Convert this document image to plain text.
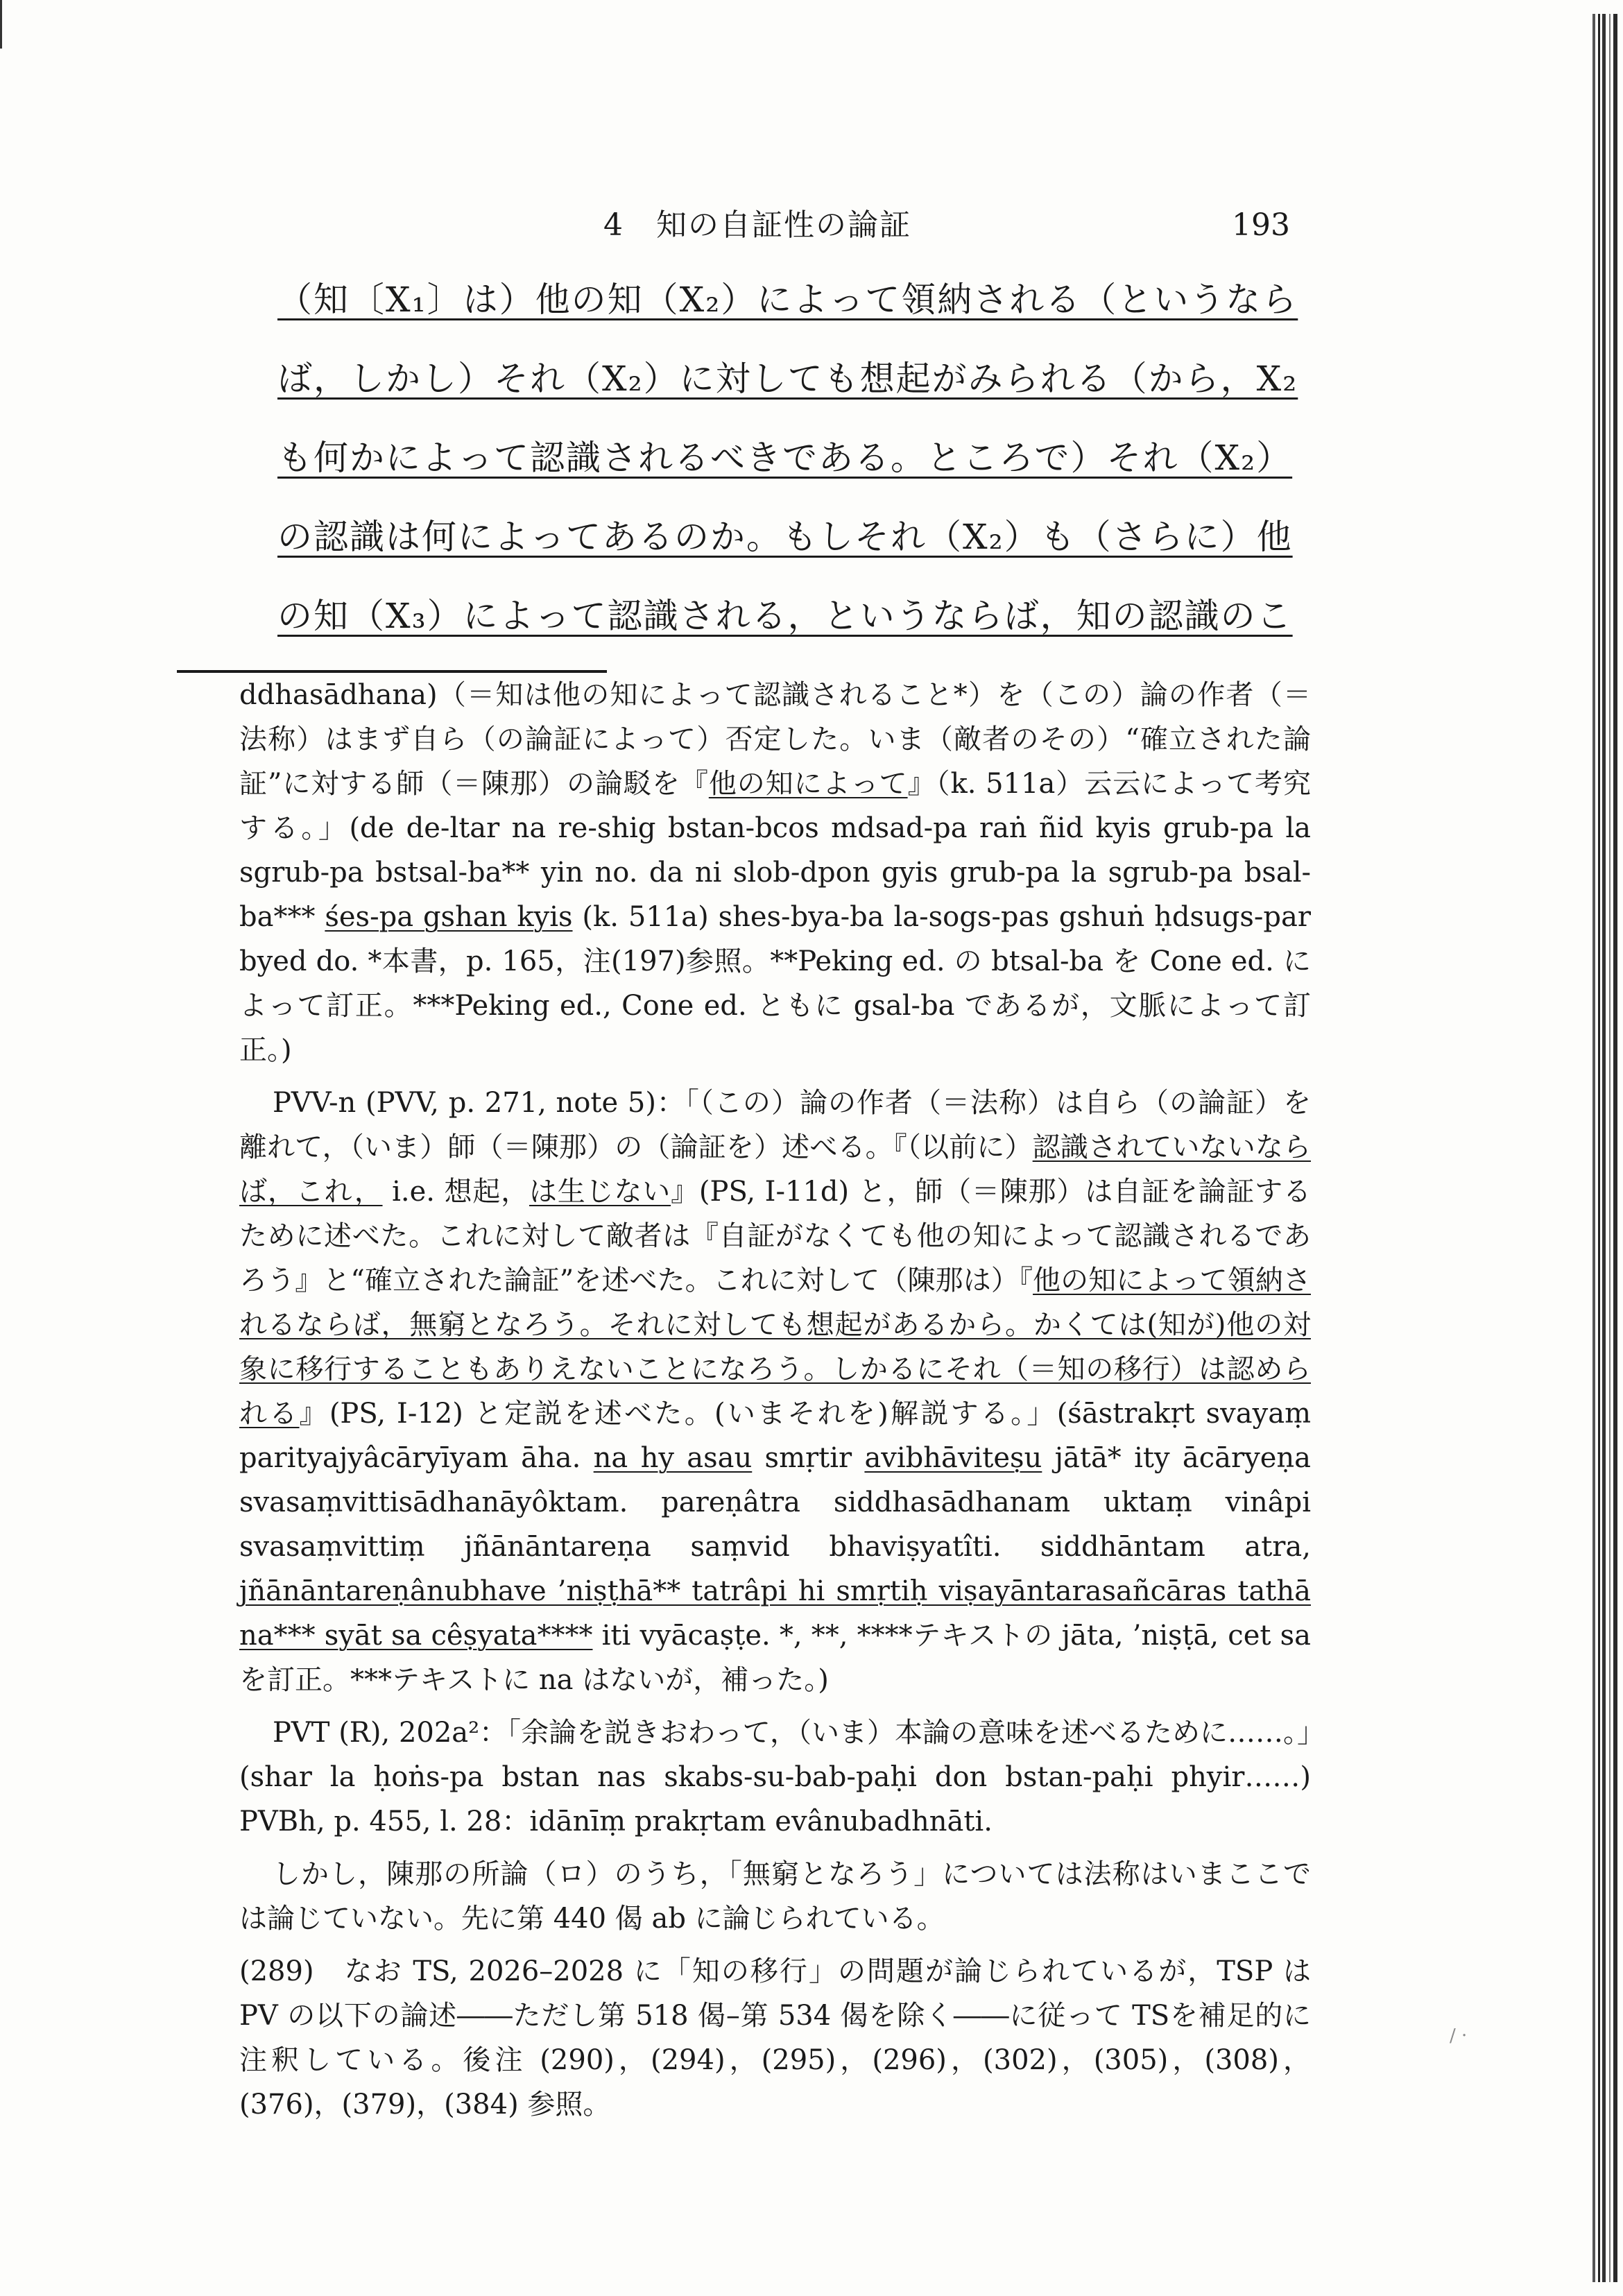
4　知の自証性の論証	193
（知〔X₁〕は）他の知（X₂）によって領納される（というなら
ば，しかし）それ（X₂）に対しても想起がみられる（から，X₂
も何かによって認識されるべきである。ところで）それ（X₂）
の認識は何によってあるのか。もしそれ（X₂）も（さらに）他
の知（X₃）によって認識される，というならば，知の認識のこ

ddhasādhana)（＝知は他の知によって認識されること*）を（この）論の作者（＝法称）はまず自ら（の論証によって）否定した。いま（敵者のその）“確立された論証”に対する師（＝陳那）の論駁を『他の知によって』（k. 511a）云云によって考究する。」(de de-ltar na re-shig bstan-bcos mdsad-pa raṅ ñid kyis grub-pa la sgrub-pa bstsal-ba** yin no. da ni slob-dpon gyis grub-pa la sgrub-pa bsal-ba*** śes-pa gshan kyis (k. 511a) shes-bya-ba la-sogs-pas gshuṅ ḥdsugs-par byed do. *本書，p. 165，注(197)参照。**Peking ed. の btsal-ba を Cone ed. によって訂正。***Peking ed., Cone ed. ともに gsal-ba であるが，文脈によって訂正。)

PVV-n (PVV, p. 271, note 5)：「（この）論の作者（＝法称）は自ら（の論証）を離れて，（いま）師（＝陳那）の（論証を）述べる。『（以前に）認識されていないならば，これ， i.e. 想起，は生じない』(PS, I-11d) と，師（＝陳那）は自証を論証するために述べた。これに対して敵者は『自証がなくても他の知によって認識されるであろう』と“確立された論証”を述べた。これに対して（陳那は）『他の知によって領納されるならば，無窮となろう。それに対しても想起があるから。かくては(知が)他の対象に移行することもありえないことになろう。しかるにそれ（＝知の移行）は認められる』(PS, I-12) と定説を述べた。(いまそれを)解説する。」(śāstrakṛt svayaṃ parityajyâcāryīyam āha. na hy asau smṛtir avibhāviteṣu jātā* ity ācāryeṇa svasaṃvittisādhanāyôktam. pareṇâtra siddhasādhanam uktaṃ vinâpi svasaṃvittiṃ jñānāntareṇa saṃvid bhaviṣyatîti. siddhāntam atra, jñānāntareṇânubhave ’niṣṭhā** tatrâpi hi smṛtiḥ viṣayāntarasañcāras tathā na*** syāt sa cêṣyata**** iti vyācaṣṭe. *, **, ****テキストの jāta, ’niṣṭā, cet sa を訂正。***テキストに na はないが，補った。)

PVT (R), 202a²：「余論を説きおわって，（いま）本論の意味を述べるために……。」(shar la ḥoṅs-pa bstan nas skabs-su-bab-paḥi don bstan-paḥi phyir……) PVBh, p. 455, l. 28：idānīṃ prakṛtam evânubadhnāti.

しかし，陳那の所論（ロ）のうち，「無窮となろう」については法称はいまここでは論じていない。先に第 440 偈 ab に論じられている。

(289)　なお TS, 2026–2028 に「知の移行」の問題が論じられているが，TSP は PV の以下の論述――ただし第 518 偈–第 534 偈を除く――に従って TSを補足的に注釈している。後注 (290)，(294)，(295)，(296)，(302)，(305)，(308)，(376)，(379)，(384) 参照。

/ ·
